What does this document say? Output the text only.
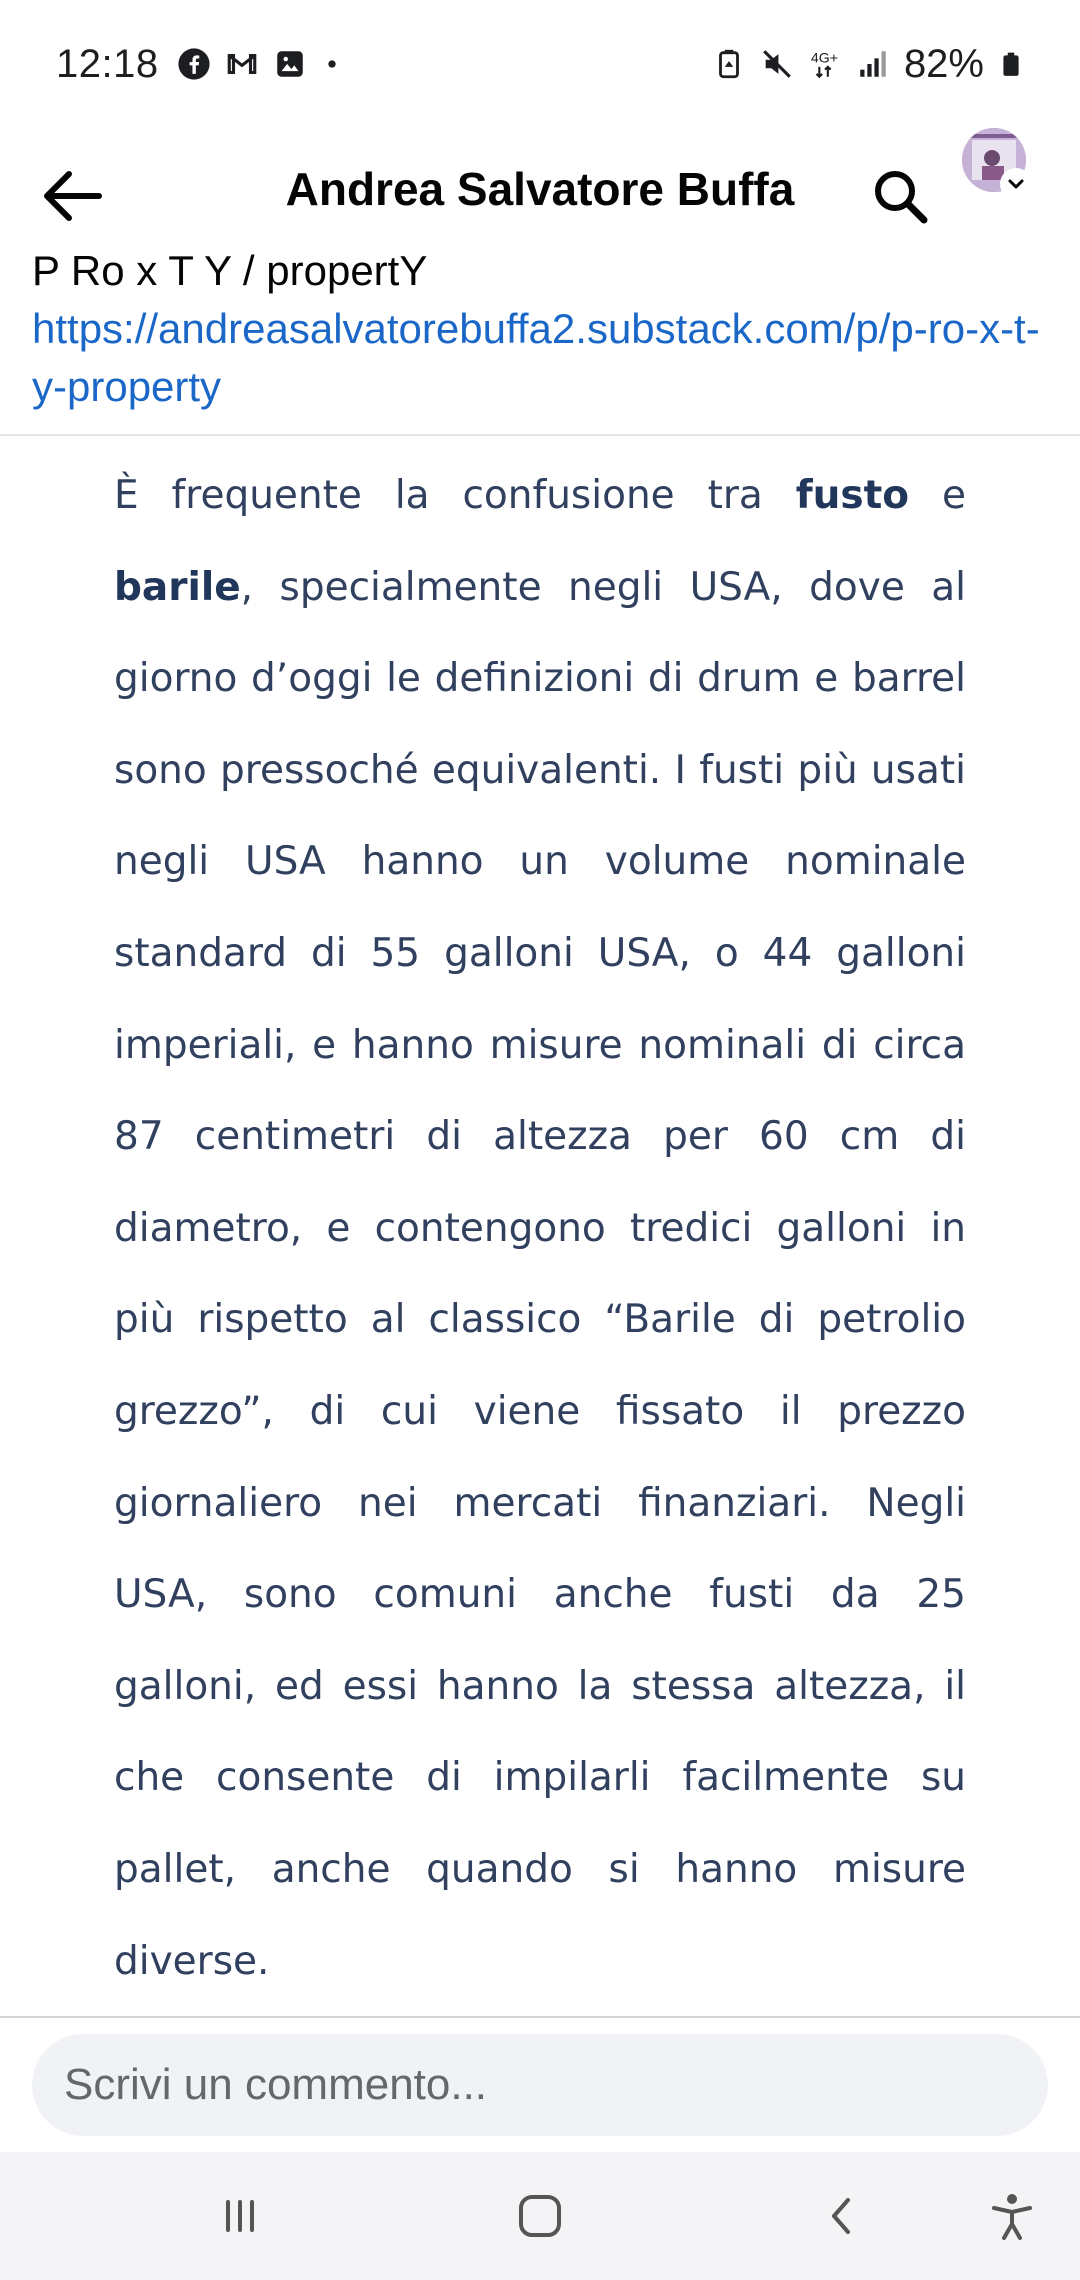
12:18	4G+ 82%
Andrea Salvatore Buffa
P Ro x T Y / propertY
https://andreasalvatorebuffa2.substack.com/p/p-ro-x-t-y-property
È frequente la confusione tra fusto e barile, specialmente negli USA, dove al giorno d’oggi le definizioni di drum e barrel sono pressoché equivalenti. I fusti più usati negli USA hanno un volume nominale standard di 55 galloni USA, o 44 galloni imperiali, e hanno misure nominali di circa 87 centimetri di altezza per 60 cm di diametro, e contengono tredici galloni in più rispetto al classico “Barile di petrolio grezzo”, di cui viene fissato il prezzo giornaliero nei mercati finanziari. Negli USA, sono comuni anche fusti da 25 galloni, ed essi hanno la stessa altezza, il che consente di impilarli facilmente su pallet, anche quando si hanno misure diverse.
Scrivi un commento...
